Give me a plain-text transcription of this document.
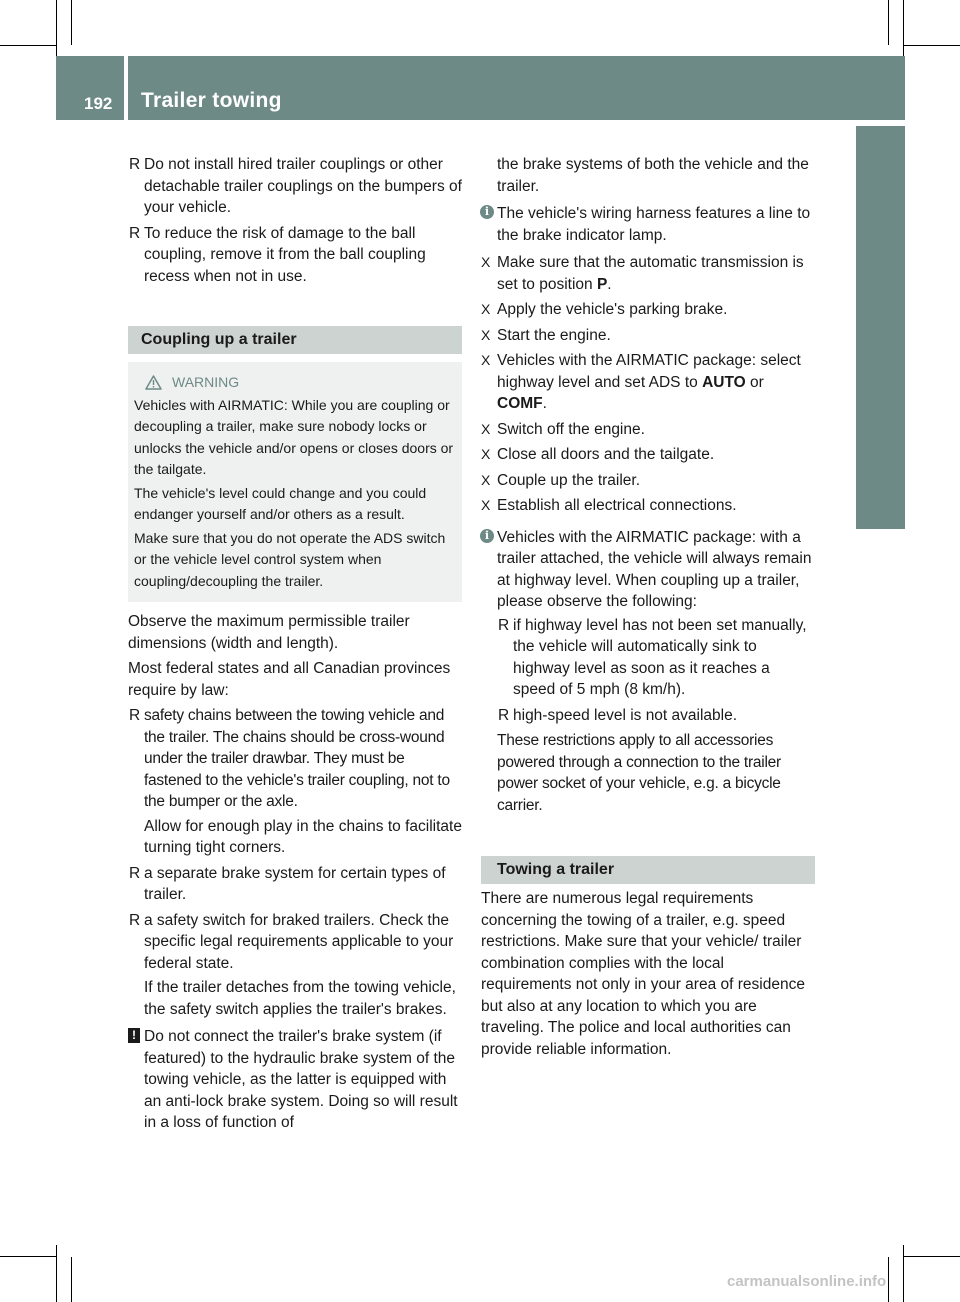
192 Trailer towing
Driving and parking
R Do not install hired trailer couplings or other detachable trailer couplings on the bumpers of your vehicle.
R To reduce the risk of damage to the ball coupling, remove it from the ball coupling recess when not in use.
Coupling up a trailer
WARNING

Vehicles with AIRMATIC: While you are coupling or decoupling a trailer, make sure nobody locks or unlocks the vehicle and/or opens or closes doors or the tailgate.

The vehicle's level could change and you could endanger yourself and/or others as a result.

Make sure that you do not operate the ADS switch or the vehicle level control system when coupling/decoupling the trailer.

Observe the maximum permissible trailer dimensions (width and length).

Most federal states and all Canadian provinces require by law:

R safety chains between the towing vehicle and the trailer. The chains should be cross-wound under the trailer drawbar. They must be fastened to the vehicle's trailer coupling, not to the bumper or the axle.
Allow for enough play in the chains to facilitate turning tight corners.
R a separate brake system for certain types of trailer.
R a safety switch for braked trailers. Check the specific legal requirements applicable to your federal state.
If the trailer detaches from the towing vehicle, the safety switch applies the trailer's brakes.
! Do not connect the trailer's brake system (if featured) to the hydraulic brake system of the towing vehicle, as the latter is equipped with an anti-lock brake system. Doing so will result in a loss of function of
the brake systems of both the vehicle and the trailer.
i The vehicle's wiring harness features a line to the brake indicator lamp.
X Make sure that the automatic transmission is set to position P.
X Apply the vehicle's parking brake.
X Start the engine.
X Vehicles with the AIRMATIC package: select highway level and set ADS to AUTO or COMF.
X Switch off the engine.
X Close all doors and the tailgate.
X Couple up the trailer.
X Establish all electrical connections.
i Vehicles with the AIRMATIC package: with a trailer attached, the vehicle will always remain at highway level. When coupling up a trailer, please observe the following:
R if highway level has not been set manually, the vehicle will automatically sink to highway level as soon as it reaches a speed of 5 mph (8 km/h).
R high-speed level is not available.
These restrictions apply to all accessories powered through a connection to the trailer power socket of your vehicle, e.g. a bicycle carrier.
Towing a trailer

There are numerous legal requirements concerning the towing of a trailer, e.g. speed restrictions. Make sure that your vehicle/ trailer combination complies with the local requirements not only in your area of residence but also at any location to which you are traveling. The police and local authorities can provide reliable information.

carmanualsonline.info
